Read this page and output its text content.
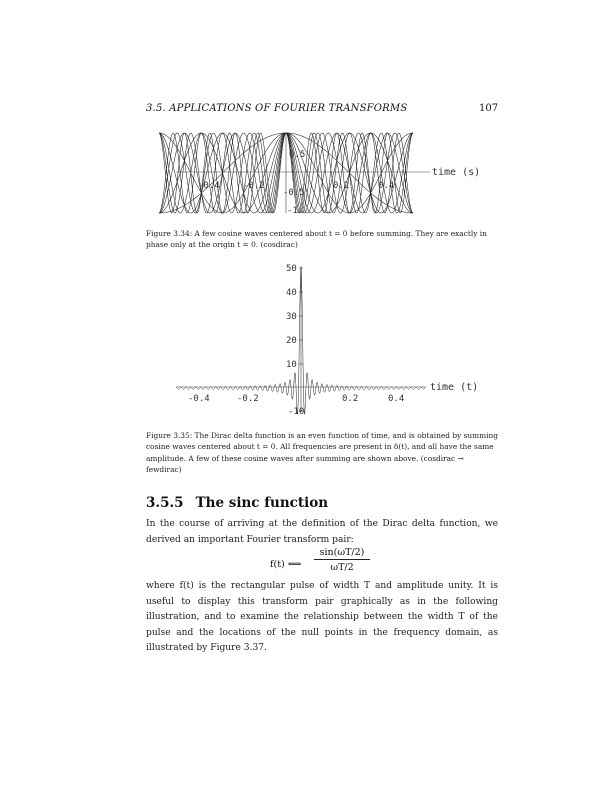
3.5. APPLICATIONS OF FOURIER TRANSFORMS	107
time (s)
-0.4	-0.2	0.2	0.4
0.5
-0.5
-1
Figure 3.34: A few cosine waves centered about t = 0 before summing. They are exactly in phase only at the origin t = 0. (cosdirac)
50
40
30
20
10
-10
-0.4	-0.2	0.2	0.4
time (t)
Figure 3.35: The Dirac delta function is an even function of time, and is obtained by summing cosine waves centered about t = 0. All frequencies are present in δ(t), and all have the same amplitude. A few of these cosine waves after summing are shown above. (cosdirac → fewdirac)
3.5.5 The sinc function
In the course of arriving at the definition of the Dirac delta function, we derived an important Fourier transform pair:
f(t) ⟺ $\frac{\sin(\omega T/2)}{\omega T/2}$
where f(t) is the rectangular pulse of width T and amplitude unity. It is useful to display this transform pair graphically as in the following illustration, and to examine the relationship between the width T of the pulse and the locations of the null points in the frequency domain, as illustrated by Figure 3.37.
